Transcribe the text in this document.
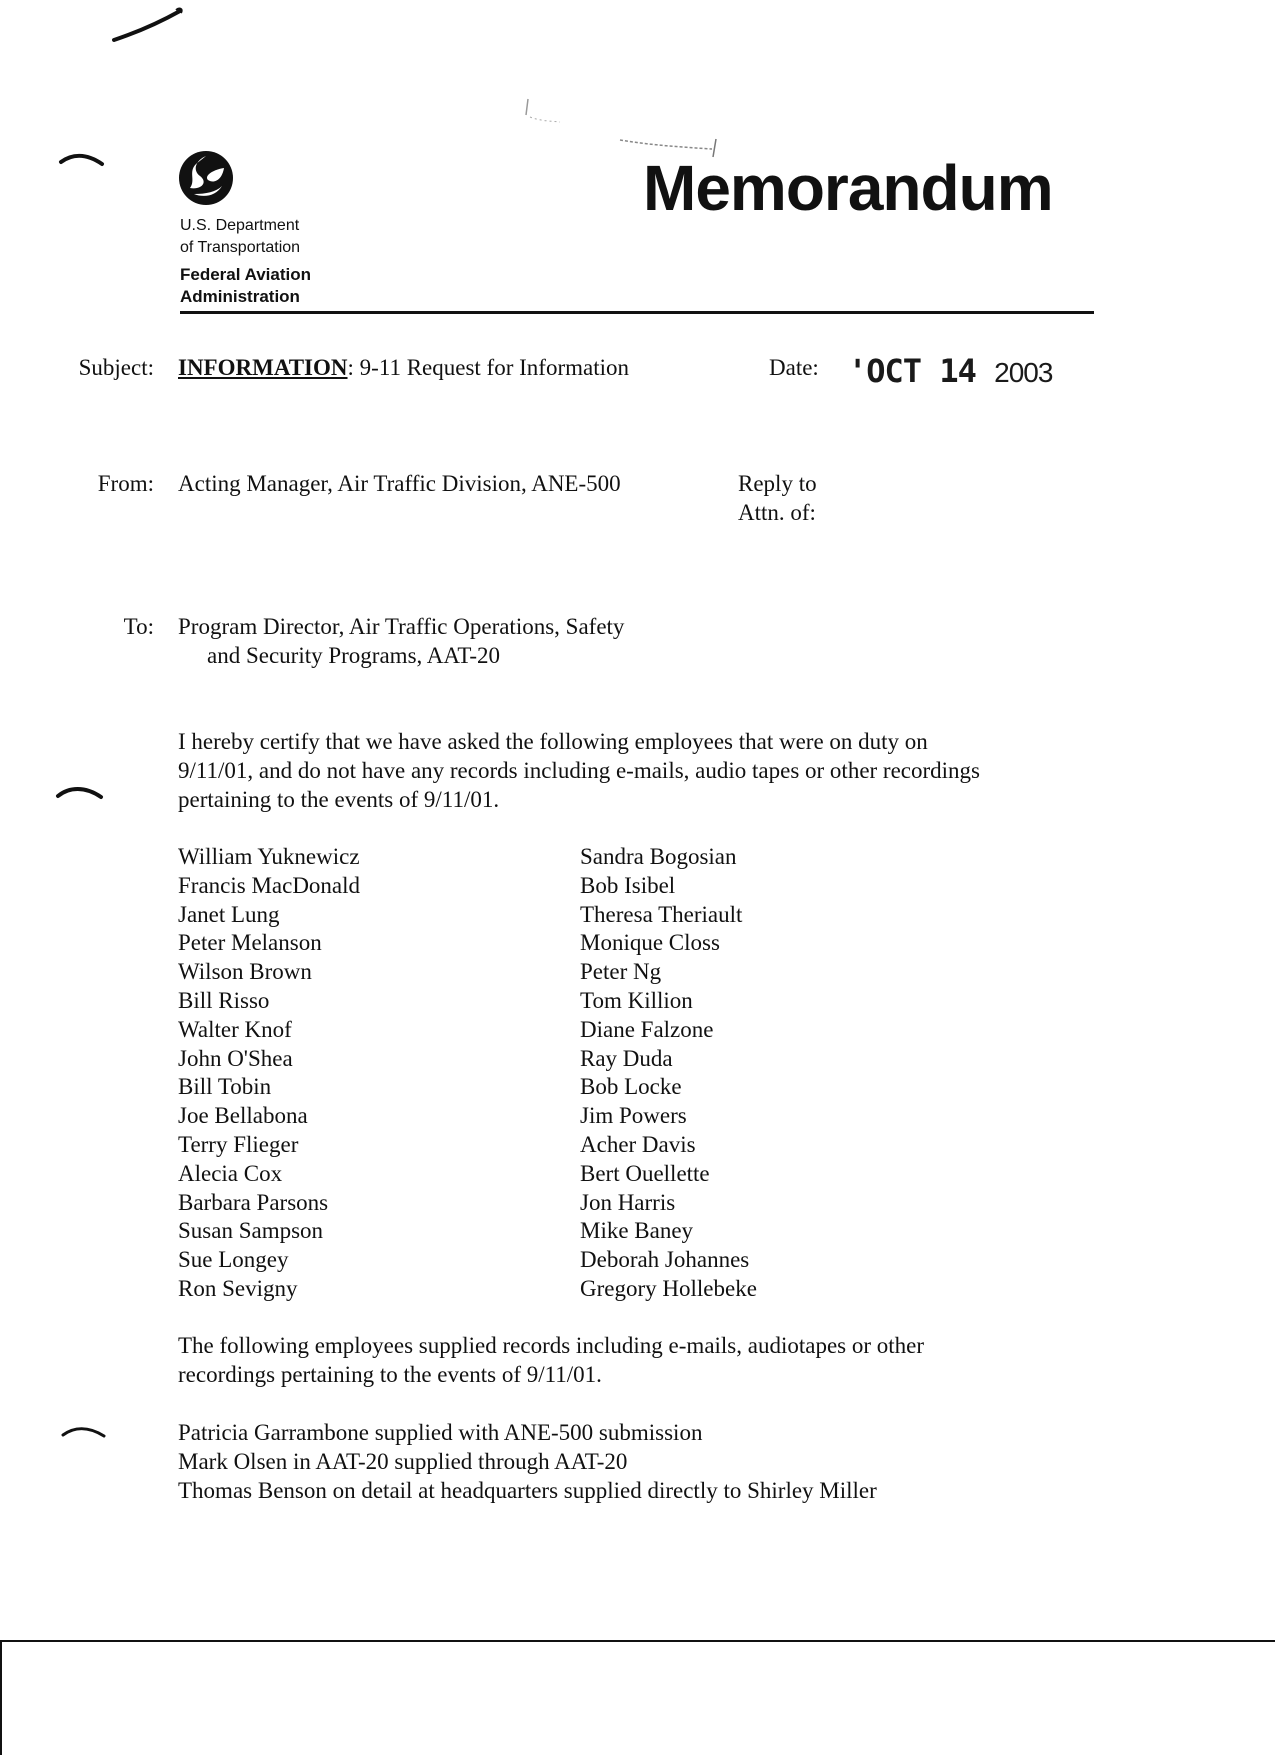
U.S. Department
of Transportation
Federal Aviation
Administration
Memorandum
Subject: INFORMATION: 9-11 Request for Information	Date: 'OCT 14 2003
From: Acting Manager, Air Traffic Division, ANE-500	Reply to
Attn. of:
To: Program Director, Air Traffic Operations, Safety
and Security Programs, AAT-20
I hereby certify that we have asked the following employees that were on duty on
9/11/01, and do not have any records including e-mails, audio tapes or other recordings
pertaining to the events of 9/11/01.
William Yuknewicz
Francis MacDonald
Janet Lung
Peter Melanson
Wilson Brown
Bill Risso
Walter Knof
John O'Shea
Bill Tobin
Joe Bellabona
Terry Flieger
Alecia Cox
Barbara Parsons
Susan Sampson
Sue Longey
Ron Sevigny
Sandra Bogosian
Bob Isibel
Theresa Theriault
Monique Closs
Peter Ng
Tom Killion
Diane Falzone
Ray Duda
Bob Locke
Jim Powers
Acher Davis
Bert Ouellette
Jon Harris
Mike Baney
Deborah Johannes
Gregory Hollebeke
The following employees supplied records including e-mails, audiotapes or other
recordings pertaining to the events of 9/11/01.
Patricia Garrambone supplied with ANE-500 submission
Mark Olsen in AAT-20 supplied through AAT-20
Thomas Benson on detail at headquarters supplied directly to Shirley Miller
